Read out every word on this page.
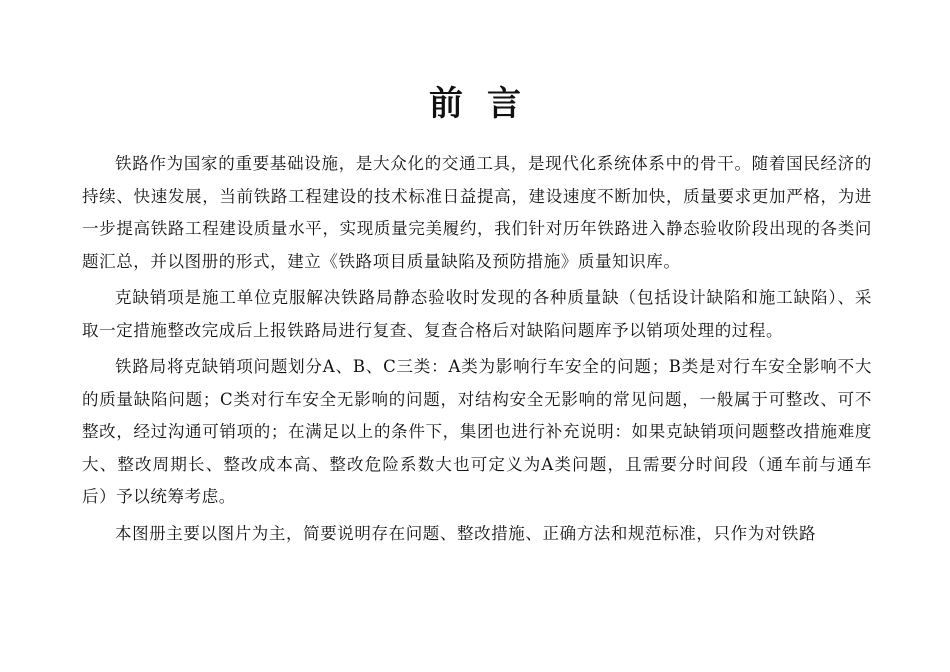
前言

铁路作为国家的重要基础设施，是大众化的交通工具，是现代化系统体系中的骨干。随着国民经济的持续、快速发展，当前铁路工程建设的技术标准日益提高，建设速度不断加快，质量要求更加严格，为进一步提高铁路工程建设质量水平，实现质量完美履约，我们针对历年铁路进入静态验收阶段出现的各类问题汇总，并以图册的形式，建立《铁路项目质量缺陷及预防措施》质量知识库。

克缺销项是施工单位克服解决铁路局静态验收时发现的各种质量缺（包括设计缺陷和施工缺陷）、采取一定措施整改完成后上报铁路局进行复查、复查合格后对缺陷问题库予以销项处理的过程。

铁路局将克缺销项问题划分A、B、C三类：A类为影响行车安全的问题；B类是对行车安全影响不大的质量缺陷问题；C类对行车安全无影响的问题，对结构安全无影响的常见问题，一般属于可整改、可不整改，经过沟通可销项的；在满足以上的条件下，集团也进行补充说明：如果克缺销项问题整改措施难度大、整改周期长、整改成本高、整改危险系数大也可定义为A类问题，且需要分时间段（通车前与通车后）予以统筹考虑。

本图册主要以图片为主，简要说明存在问题、整改措施、正确方法和规范标准，只作为对铁路
